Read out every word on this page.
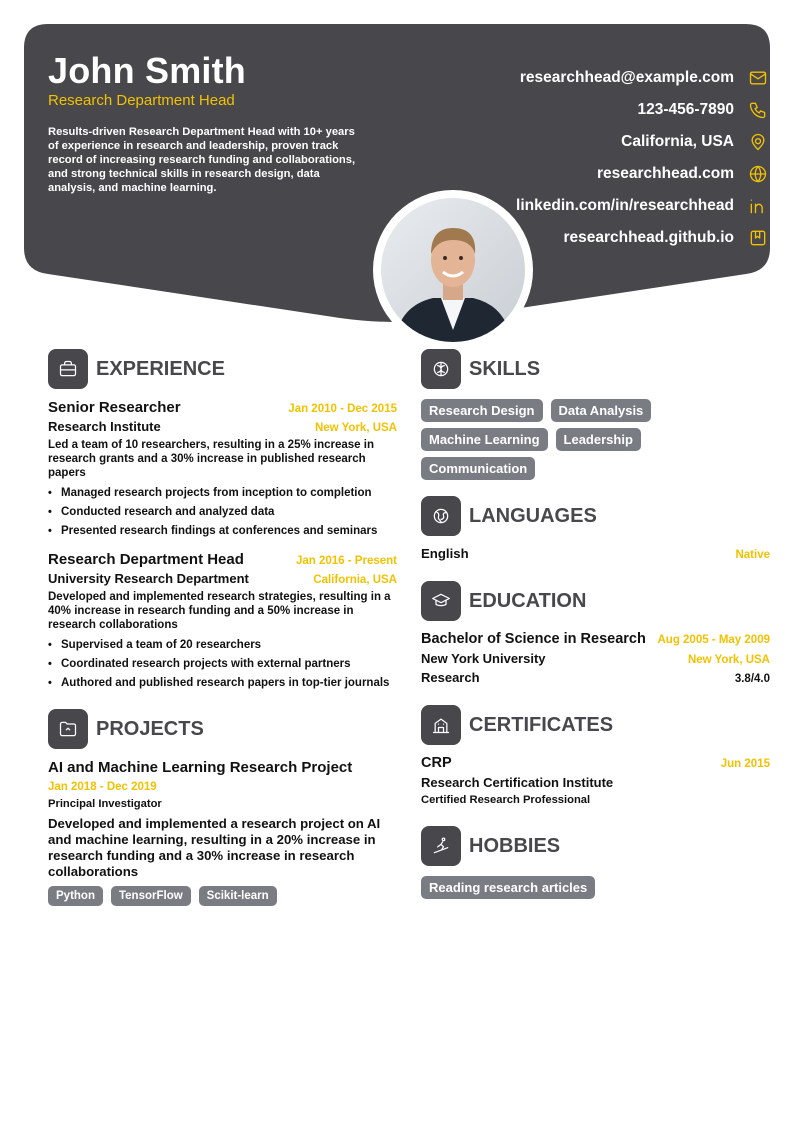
John Smith
Research Department Head
Results-driven Research Department Head with 10+ years of experience in research and leadership, proven track record of increasing research funding and collaborations, and strong technical skills in research design, data analysis, and machine learning.
researchhead@example.com
123-456-7890
California, USA
researchhead.com
linkedin.com/in/researchhead
researchhead.github.io
EXPERIENCE
Senior Researcher	Jan 2010 - Dec 2015
Research Institute	New York, USA
Led a team of 10 researchers, resulting in a 25% increase in research grants and a 30% increase in published research papers
• Managed research projects from inception to completion
• Conducted research and analyzed data
• Presented research findings at conferences and seminars
Research Department Head	Jan 2016 - Present
University Research Department	California, USA
Developed and implemented research strategies, resulting in a 40% increase in research funding and a 50% increase in research collaborations
• Supervised a team of 20 researchers
• Coordinated research projects with external partners
• Authored and published research papers in top-tier journals
PROJECTS
AI and Machine Learning Research Project
Jan 2018 - Dec 2019
Principal Investigator
Developed and implemented a research project on AI and machine learning, resulting in a 20% increase in research funding and a 30% increase in research collaborations
Python	TensorFlow	Scikit-learn
SKILLS
Research Design	Data Analysis
Machine Learning	Leadership
Communication
LANGUAGES
English	Native
EDUCATION
Bachelor of Science in Research Aug 2005 - May 2009
New York University	New York, USA
Research	3.8/4.0
CERTIFICATES
CRP	Jun 2015
Research Certification Institute
Certified Research Professional
HOBBIES
Reading research articles
